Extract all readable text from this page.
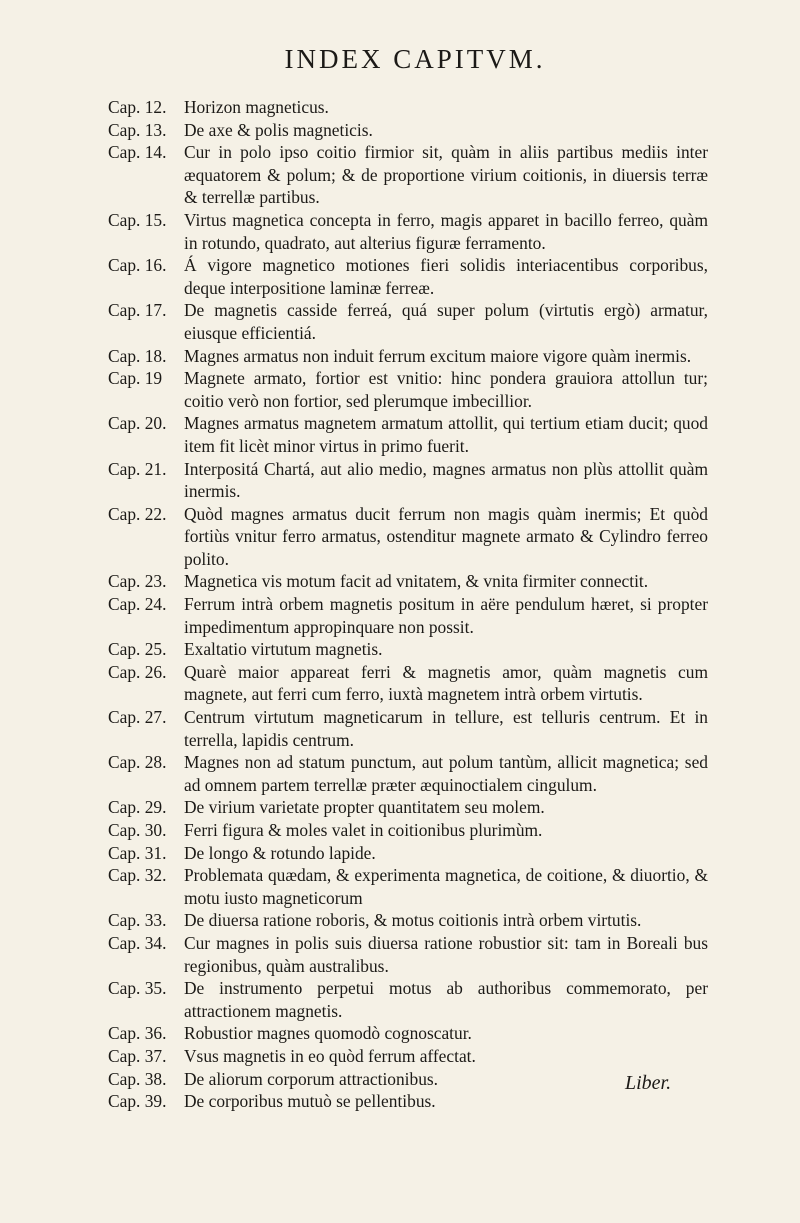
INDEX CAPITVM.
Cap. 12.	Horizon magneticus.
Cap. 13.	De axe & polis magneticis.
Cap. 14.	Cur in polo ipso coitio firmior sit, quàm in aliis partibus mediis inter æquatorem & polum; & de proportione virium coitionis, in diuersis terræ & terrellæ partibus.
Cap. 15.	Virtus magnetica concepta in ferro, magis apparet in bacillo ferreo, quàm in rotundo, quadrato, aut alterius figuræ ferramento.
Cap. 16.	Á vigore magnetico motiones fieri solidis interiacentibus corporibus, deque interpositione laminæ ferreæ.
Cap. 17.	De magnetis casside ferreá, quá super polum (virtutis ergò) armatur, eiusque efficientiá.
Cap. 18.	Magnes armatus non induit ferrum excitum maiore vigore quàm inermis.
Cap. 19	Magnete armato, fortior est vnitio: hinc pondera grauiora attollun tur; coitio verò non fortior, sed plerumque imbecillior.
Cap. 20.	Magnes armatus magnetem armatum attollit, qui tertium etiam ducit; quod item fit licèt minor virtus in primo fuerit.
Cap. 21.	Interpositá Chartá, aut alio medio, magnes armatus non plùs attollit quàm inermis.
Cap. 22.	Quòd magnes armatus ducit ferrum non magis quàm inermis; Et quòd fortiùs vnitur ferro armatus, ostenditur magnete armato & Cylindro ferreo polito.
Cap. 23.	Magnetica vis motum facit ad vnitatem, & vnita firmiter connectit.
Cap. 24.	Ferrum intrà orbem magnetis positum in aëre pendulum hæret, si propter impedimentum appropinquare non possit.
Cap. 25.	Exaltatio virtutum magnetis.
Cap. 26.	Quarè maior appareat ferri & magnetis amor, quàm magnetis cum magnete, aut ferri cum ferro, iuxtà magnetem intrà orbem virtutis.
Cap. 27.	Centrum virtutum magneticarum in tellure, est telluris centrum. Et in terrella, lapidis centrum.
Cap. 28.	Magnes non ad statum punctum, aut polum tantùm, allicit magnetica; sed ad omnem partem terrellæ præter æquinoctialem cingulum.
Cap. 29.	De virium varietate propter quantitatem seu molem.
Cap. 30.	Ferri figura & moles valet in coitionibus plurimùm.
Cap. 31.	De longo & rotundo lapide.
Cap. 32.	Problemata quædam, & experimenta magnetica, de coitione, & diuortio, & motu iusto magneticorum
Cap. 33.	De diuersa ratione roboris, & motus coitionis intrà orbem virtutis.
Cap. 34.	Cur magnes in polis suis diuersa ratione robustior sit: tam in Boreali bus regionibus, quàm australibus.
Cap. 35.	De instrumento perpetui motus ab authoribus commemorato, per attractionem magnetis.
Cap. 36.	Robustior magnes quomodò cognoscatur.
Cap. 37.	Vsus magnetis in eo quòd ferrum affectat.
Cap. 38.	De aliorum corporum attractionibus.
Cap. 39.	De corporibus mutuò se pellentibus.
Liber.
